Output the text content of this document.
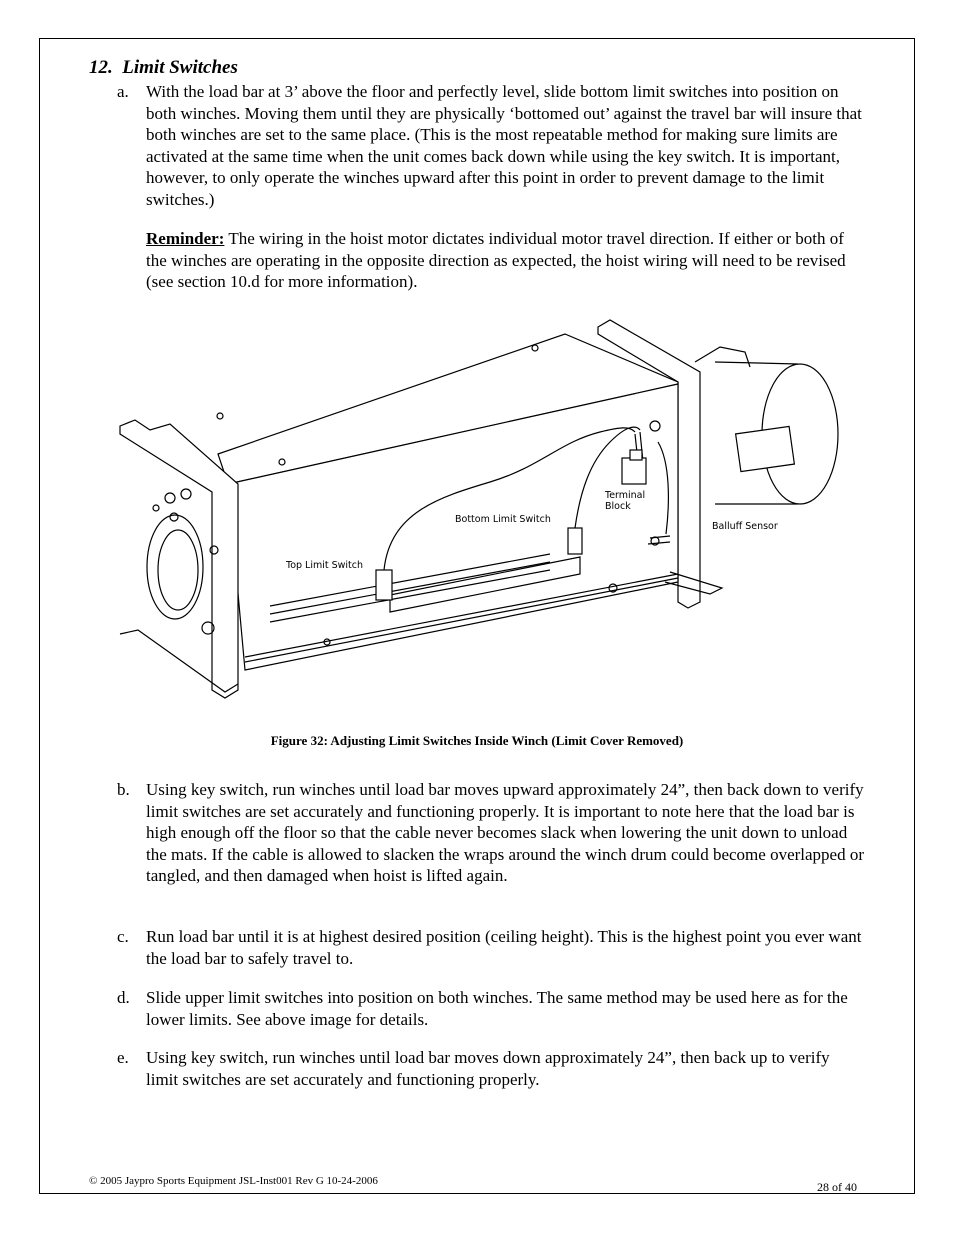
12. Limit Switches
a. With the load bar at 3’ above the floor and perfectly level, slide bottom limit switches into position on both winches. Moving them until they are physically ‘bottomed out’ against the travel bar will insure that both winches are set to the same place. (This is the most repeatable method for making sure limits are activated at the same time when the unit comes back down while using the key switch. It is important, however, to only operate the winches upward after this point in order to prevent damage to the limit switches.)
Reminder: The wiring in the hoist motor dictates individual motor travel direction. If either or both of the winches are operating in the opposite direction as expected, the hoist wiring will need to be revised (see section 10.d for more information).
Top Limit Switch
Bottom Limit Switch
Terminal
Block
Balluff Sensor
Figure 32: Adjusting Limit Switches Inside Winch (Limit Cover Removed)
b. Using key switch, run winches until load bar moves upward approximately 24”, then back down to verify limit switches are set accurately and functioning properly. It is important to note here that the load bar is high enough off the floor so that the cable never becomes slack when lowering the unit down to unload the mats. If the cable is allowed to slacken the wraps around the winch drum could become overlapped or tangled, and then damaged when hoist is lifted again.
c. Run load bar until it is at highest desired position (ceiling height). This is the highest point you ever want the load bar to safely travel to.
d. Slide upper limit switches into position on both winches. The same method may be used here as for the lower limits. See above image for details.
e. Using key switch, run winches until load bar moves down approximately 24”, then back up to verify limit switches are set accurately and functioning properly.
© 2005 Jaypro Sports Equipment JSL-Inst001 Rev G 10-24-2006	28 of 40
